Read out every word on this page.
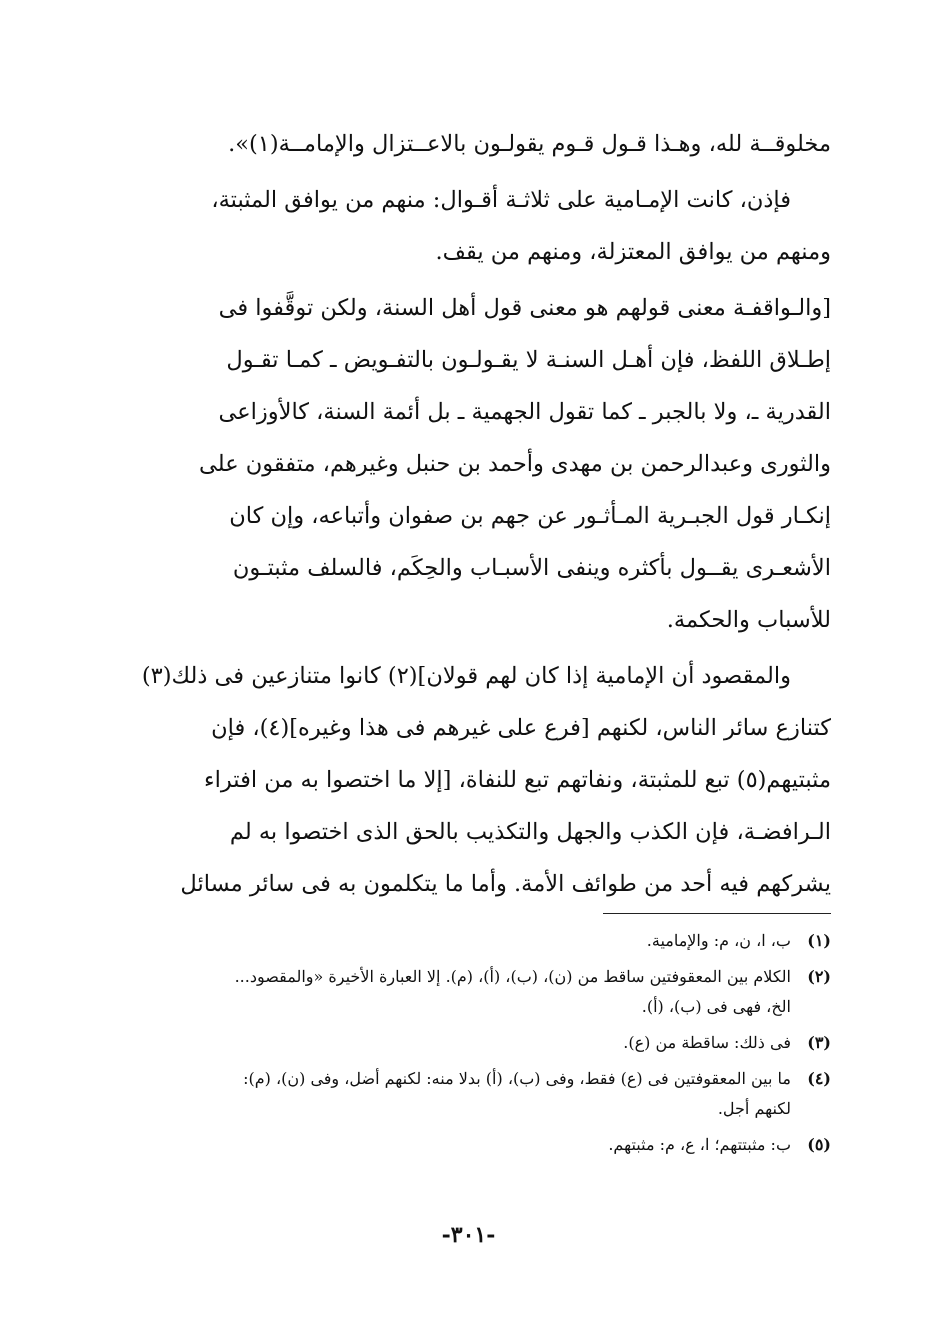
مخلوقــة لله، وهـذا قـول قـوم يقولـون بالاعــتزال والإمامــة(١)».

فإذن، كانت الإمـامية على ثلاثـة أقـوال: منهم من يوافق المثبتة،
ومنهم من يوافق المعتزلة، ومنهم من يقف.

[والـواقفـة معنى قولهم هو معنى قول أهل السنة، ولكن توقَّفوا فى
إطـلاق اللفظ، فإن أهـل السنـة لا يقـولـون بالتفـويض ـ كمـا تقـول
القدرية ـ، ولا بالجبر ـ كما تقول الجهمية ـ بل أئمة السنة، كالأوزاعى
والثورى وعبدالرحمن بن مهدى وأحمد بن حنبل وغيرهم، متفقون على
إنكـار قول الجبـرية المـأثـور عن جهم بن صفوان وأتباعه، وإن كان
الأشعـرى يقــول بأكثره وينفى الأسبـاب والحِكَم، فالسلف مثبتـون
للأسباب والحكمة.

والمقصود أن الإمامية إذا كان لهم قولان](٢) كانوا متنازعين فى ذلك(٣)
كتنازع سائر الناس، لكنهم [فرع على غيرهم فى هذا وغيره](٤)، فإن
مثبتيهم(٥) تبع للمثبتة، ونفاتهم تبع للنفاة، [إلا ما اختصوا به من افتراء
الـرافضـة، فإن الكذب والجهل والتكذيب بالحق الذى اختصوا به لم
يشركهم فيه أحد من طوائف الأمة. وأما ما يتكلمون به فى سائر مسائل

(١)
ب، ا، ن، م: والإمامية.
(٢)
الكلام بين المعقوفتين ساقط من (ن)، (ب)، (أ)، (م). إلا العبارة الأخيرة «والمقصود...
الخ، فهى فى (ب)، (أ).
(٣)
فى ذلك: ساقطة من (ع).
(٤)
ما بين المعقوفتين فى (ع) فقط، وفى (ب)، (أ) بدلا منه: لكنهم أضل، وفى (ن)، (م):
لكنهم أجل.
(٥)
ب: مثبتتهم؛ ا، ع، م: مثبتهم.
-٣٠١-
